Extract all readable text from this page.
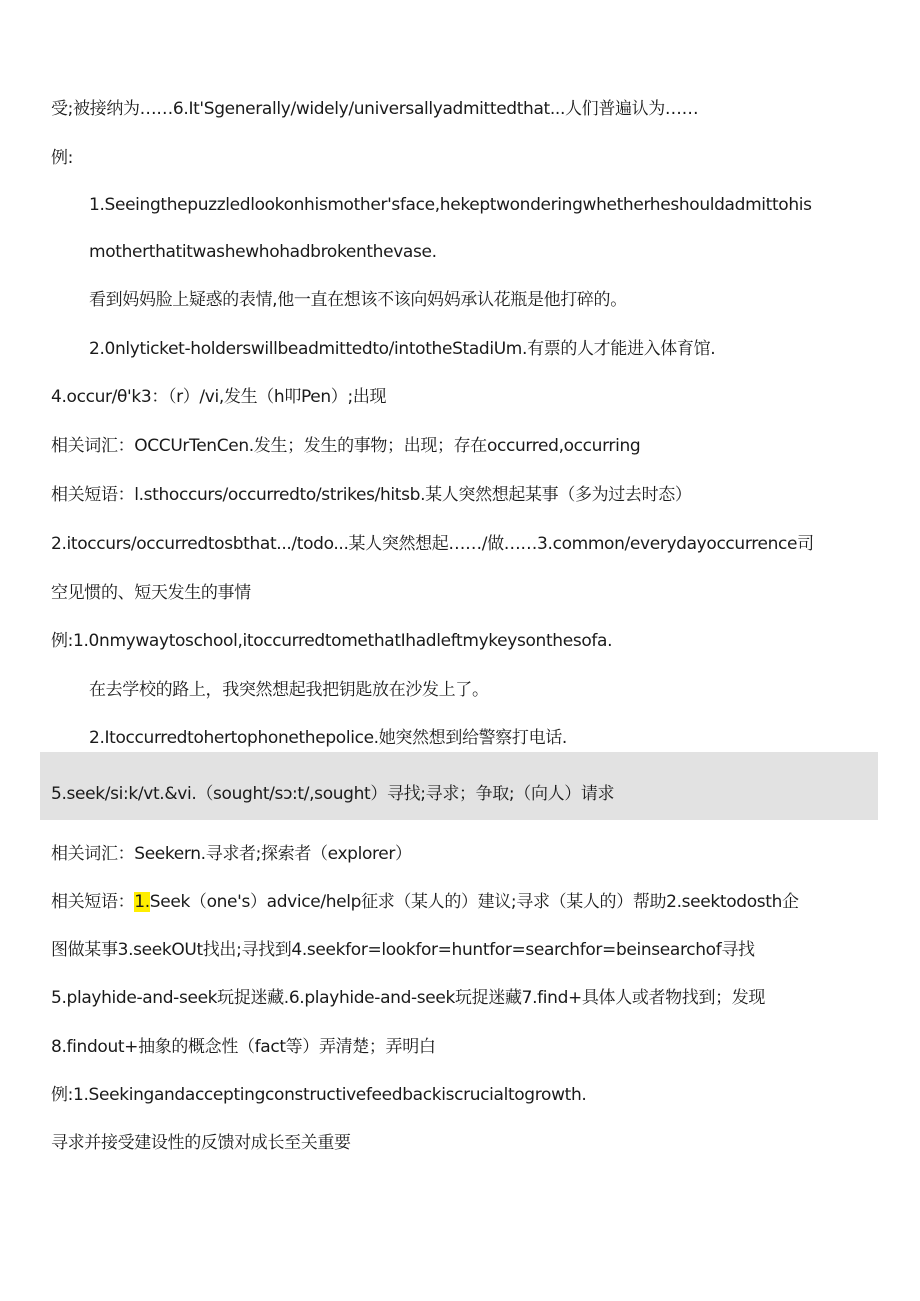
受;被接纳为……6.It'Sgenerally/widely/universallyadmittedthat...人们普遍认为……
例:
1.Seeingthepuzzledlookonhismother'sface,hekeptwonderingwhetherheshouldadmittohis
motherthatitwashewhohadbrokenthevase.
看到妈妈脸上疑惑的表情,他一直在想该不该向妈妈承认花瓶是他打碎的。
2.0nlyticket-holderswillbeadmittedto/intotheStadiUm.有票的人才能进入体育馆.
4.occur/θ'k3：（r）/vi,发生（h叩Pen）;出现
相关词汇：OCCUrTenCen.发生；发生的事物；出现；存在occurred,occurring
相关短语：l.sthoccurs/occurredto/strikes/hitsb.某人突然想起某事（多为过去时态）
2.itoccurs/occurredtosbthat.../todo...某人突然想起……/做……3.common/everydayoccurrence司
空见惯的、短天发生的事情
例:1.0nmywaytoschool,itoccurredtomethatIhadleftmykeysonthesofa.
在去学校的路上，我突然想起我把钥匙放在沙发上了。
2.Itoccurredtohertophonethepolice.她突然想到给警察打电话.
5.seek/si:k/vt.&vi.（sought/sɔ:t/,sought）寻找;寻求；争取;（向人）请求
相关词汇：Seekern.寻求者;探索者（explorer）
相关短语：1.Seek（one's）advice/help征求（某人的）建议;寻求（某人的）帮助2.seektodosth企
图做某事3.seekOUt找出;寻找到4.seekfor=lookfor=huntfor=searchfor=beinsearchof寻找
5.playhide-and-seek玩捉迷藏.6.playhide-and-seek玩捉迷藏7.find+具体人或者物找到；发现
8.findout+抽象的概念性（fact等）弄清楚；弄明白
例:1.Seekingandacceptingconstructivefeedbackiscrucialtogrowth.
寻求并接受建设性的反馈对成长至关重要
